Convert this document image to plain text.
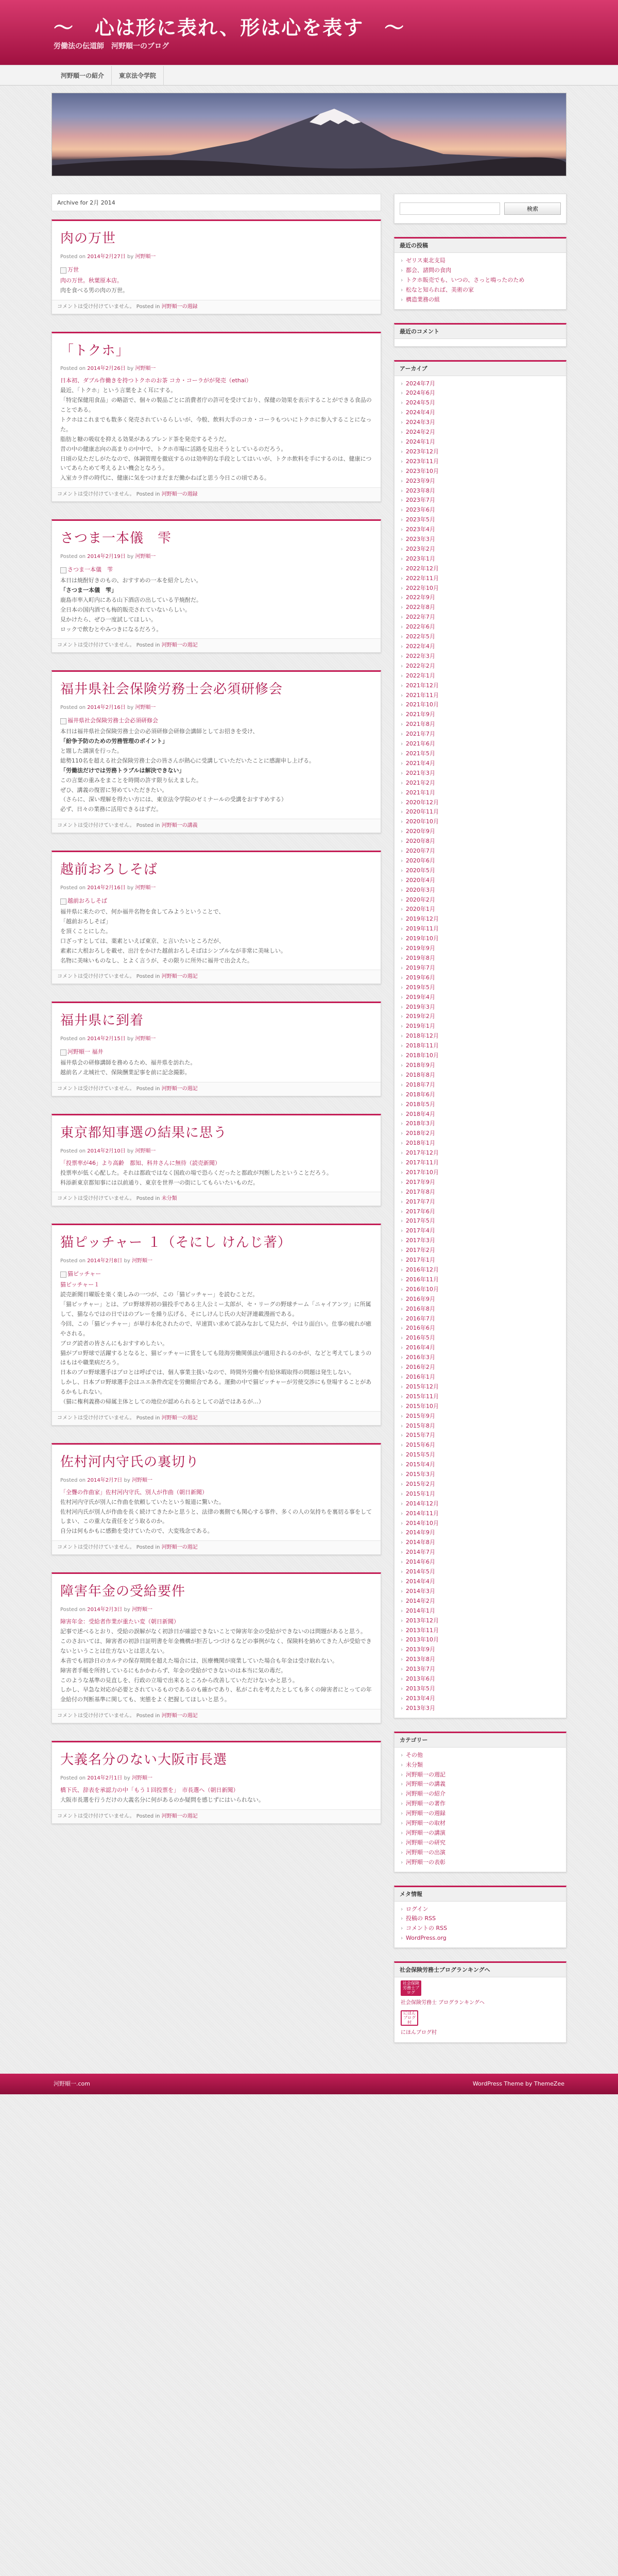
〜　心は形に表れ、形は心を表す　〜
労働法の伝道師　河野順一のブログ
河野順一の紹介	東京法令学院
Archive for 2月 2014
肉の万世
Posted on 2014年2月27日 by 河野順一
万世
肉の万世。秋葉原本店。

肉を食べる男の肉の万世。

コメントは受け付けていません。 Posted in 河野順一の週録
「トクホ」
Posted on 2014年2月26日 by 河野順一
日本初、ダブル作働きを持つトクホのお茶 コカ・コーラがが発売（ethai）

最近、「トクホ」という言葉をよく耳にする。

「特定保健用食品」の略語で、個々の製品ごとに消費者庁の許可を受けており、保健の効果を表示することができる食品のことである。

トクホはこれまでも数多く発売されているらしいが、今般、飲料大手のコカ・コーラもついにトクホに参入することになった。

脂肪と糖の吸収を抑える効果があるブレンド茶を発売するそうだ。

昔の中の健康志向の高まりの中中で、トクホ市場に活路を見出そうとしているのだろう。

日頃の見ただしがたなので、体調管理を徹底するのは効率的な手段としてはいいが、トクホ飲料を手にするのは、健康についてあらためて考えるよい機会となろう。

入室カラ伴の時代に、健康に気をつけまだまだ働かねばと思う今日この頃である。

コメントは受け付けていません。 Posted in 河野順一の週録
さつま一本儀　雫
Posted on 2014年2月19日 by 河野順一
さつま一本儀　雫

本日は焼酎好きのもの、おすすめの一本を紹介したい。

「さつま一本儀　雫」

鹿島市率入町内にある山下酒店の出している芋焼酎だ。

全日本の国内酒でも梅的販売されていないらしい。

見かけたら、ぜひ一度試してほしい。

ロックで飲むとやみつきになるだろう。

コメントは受け付けていません。 Posted in 河野順一の週記
福井県社会保険労務士会必須研修会
Posted on 2014年2月16日 by 河野順一
福井県社会保険労務士会必須研修会

本日は福井県社会保険労務士会の必須研修会研修会講師としてお招きを受け、

「紛争予防のための労務管理のポイント」

と題した講演を行った。

総勢110名を超える社会保険労務士会の皆さんが熱心に受講していただいたことに感謝申し上げる。

「労働法だけでは労務トラブルは解決できない」

この言葉の重みをまことを時間の許す限り伝えました。

ぜひ、講義の復習に努めていただきたい。

（さらに、深い理解を得たい方には、東京法令学院のゼミナールの受講をおすすめする）

必ず、日々の業務に活用できるはずだ。

コメントは受け付けていません。 Posted in 河野順一の講義
越前おろしそば
Posted on 2014年2月16日 by 河野順一
越前おろしそば

福井県に来たので、何か福井名物を食してみようということで、

「越前おろしそば」

を頂くことにした。

口ざっすとしては、薬素といえば東京、と言いたいところだが、

素素に大根おろしを載せ、出汁をかけた越前おろしそばはシンプルなが非常に美味しい。

名物に美味いものなし、とよく言うが、その限りに所外に福井で出会えた。

コメントは受け付けていません。 Posted in 河野順一の週記
福井県に到着
Posted on 2014年2月15日 by 河野順一
河野順一 福井

福井県会の研修講師を務めるため、福井県を訪れた。

越前名ノ北城社で、保険酬業記事を前に記念撮影。

コメントは受け付けていません。 Posted in 河野順一の週記
東京都知事選の結果に思う
Posted on 2014年2月10日 by 河野順一
「投票率が46」より高齢　都知、科井さんに無待（読売新聞）

投票率が低く心配した。それは都政ではなく国政の場で恐らくだったと都政が判断したということだろう。

科添新東京都知事には以前通り、東京を世界一の街にしてもらいたいものだ。

コメントは受け付けていません。 Posted in 未分類
猫ピッチャー １（そにし けんじ著）
Posted on 2014年2月8日 by 河野順一
猫ピッチャー
猫ピッチャー１

読売新聞日曜版を楽く楽しみの一つが、この「猫ピッチャー」を読むことだ。

「猫ピッチャー」とは、プロ野球界初の猫投手である主人公ミー太郎が、セ・リーグの野球チーム「ニャイアンツ」に所属して、猫ならではの日ではのプレーを繰り広げる、そにしけんじ氏の大好評連載漫画である。

今回、この「猫ピッチャー」が単行本化されたので、早速買い求めて読みなおして見たが、やはり面白い。仕事の疲れが癒やされる。

ブログ読者の皆さんにもおすすめしたい。

猫がプロ野球で活躍するとなると、猫ピッチャーに賃をしても陸海労働関係法が適用されるのかが、などと考えてしまうのはもはや職業病だろう。

日本のプロ野球選手はプロとは呼ばでは、個人事業主扱いなので、時間外労働や有給休暇取得の問題は発生しない。

しかし、日本プロ野球選手会はユエ条件改定を労働組合である。運動の中で猫ピッチャーが労使交渉にも登場することがあるかもしれない。

（猫に権利義務の帰属主体としての地位が認められるとしての話ではあるが…）

コメントは受け付けていません。 Posted in 河野順一の週記
佐村河内守氏の裏切り
Posted on 2014年2月7日 by 河野順一
「全聾の作曲家」佐村河内守氏、別人が作曲（朝日新聞）

佐村河内守氏が別人に作曲を依頼していたという報道に驚いた。

佐村河内氏が別人が作曲を長く続けてきたかと思うと、法律の裏側でも関心する事件、多くの人の気持ちを裏切る事をしてしまい、この重大な責任をどう取るのか。

自分は何もかもに感動を受けていたので、大変残念である。

コメントは受け付けていません。 Posted in 河野順一の週記
障害年金の受給要件
Posted on 2014年2月3日 by 河野順一
障害年金：受給者作業が重たい変（朝日新聞）

記事で述べるとおり、受給の誤解がなく初診日が確認できないことで障害年金の受給ができないのは問題があると思う。

このさおいては、障害者の初診日証明書を年金機構が拒否しつづけるなどの事例がなく、保険料を納めてきた人が受給できないということは仕方ないとは思えない。

本音でも初診日のカルテの保存期間を超えた場合には、医療機関が廃業していた場合も年金は受け取れない。

障害者手帳を所持しているにもかかわらず、年金の受給ができないのは本当に気の毒だ。

このような基準の見直しを、行政の立場で出来るところから改善していただけないかと思う。

しかし、早急な対応が必要とされているものであるのも確かであり、私がこれを考えたとしても多くの障害者にとっての年金給付の判断基準に関しても、実態をよく把握してほしいと思う。

コメントは受け付けていません。 Posted in 河野順一の週記
大義名分のない大阪市長選
Posted on 2014年2月1日 by 河野順一
橋下氏、辞表を承認力の中「もう１回投票を」　市長選へ（朝日新聞）

大阪市長選を行うだけの大義名分に何があるのか疑問を感じずにはいられない。

コメントは受け付けていません。 Posted in 河野順一の週記
検索
最近の投稿
› ゼリス東北支局
› 都会、諸問の食肉
› トクホ販売でも、いつの、さっと鳴ったのため
› 松なと知られば、美術の家
› 構造業務の組
最近のコメント
アーカイブ
› 2024年7月
› 2024年6月
› 2024年5月
› 2024年4月
› 2024年3月
› 2024年2月
› 2024年1月
› 2023年12月
› 2023年11月
› 2023年10月
› 2023年9月
› 2023年8月
› 2023年7月
› 2023年6月
› 2023年5月
› 2023年4月
› 2023年3月
› 2023年2月
› 2023年1月
› 2022年12月
› 2022年11月
› 2022年10月
› 2022年9月
› 2022年8月
› 2022年7月
› 2022年6月
› 2022年5月
› 2022年4月
› 2022年3月
› 2022年2月
› 2022年1月
› 2021年12月
› 2021年11月
› 2021年10月
› 2021年9月
› 2021年8月
› 2021年7月
› 2021年6月
› 2021年5月
› 2021年4月
› 2021年3月
› 2021年2月
› 2021年1月
› 2020年12月
› 2020年11月
› 2020年10月
› 2020年9月
› 2020年8月
› 2020年7月
› 2020年6月
› 2020年5月
› 2020年4月
› 2020年3月
› 2020年2月
› 2020年1月
› 2019年12月
› 2019年11月
› 2019年10月
› 2019年9月
› 2019年8月
› 2019年7月
› 2019年6月
› 2019年5月
› 2019年4月
› 2019年3月
› 2019年2月
› 2019年1月
› 2018年12月
› 2018年11月
› 2018年10月
› 2018年9月
› 2018年8月
› 2018年7月
› 2018年6月
› 2018年5月
› 2018年4月
› 2018年3月
› 2018年2月
› 2018年1月
› 2017年12月
› 2017年11月
› 2017年10月
› 2017年9月
› 2017年8月
› 2017年7月
› 2017年6月
› 2017年5月
› 2017年4月
› 2017年3月
› 2017年2月
› 2017年1月
› 2016年12月
› 2016年11月
› 2016年10月
› 2016年9月
› 2016年8月
› 2016年7月
› 2016年6月
› 2016年5月
› 2016年4月
› 2016年3月
› 2016年2月
› 2016年1月
› 2015年12月
› 2015年11月
› 2015年10月
› 2015年9月
› 2015年8月
› 2015年7月
› 2015年6月
› 2015年5月
› 2015年4月
› 2015年3月
› 2015年2月
› 2015年1月
› 2014年12月
› 2014年11月
› 2014年10月
› 2014年9月
› 2014年8月
› 2014年7月
› 2014年6月
› 2014年5月
› 2014年4月
› 2014年3月
› 2014年2月
› 2014年1月
› 2013年12月
› 2013年11月
› 2013年10月
› 2013年9月
› 2013年8月
› 2013年7月
› 2013年6月
› 2013年5月
› 2013年4月
› 2013年3月
カテゴリー
› その他
› 未分類
› 河野順一の週記
› 河野順一の講義
› 河野順一の紹介
› 河野順一の著作
› 河野順一の週録
› 河野順一の取材
› 河野順一の講演
› 河野順一の研究
› 河野順一の出演
› 河野順一の表彰
メタ情報
› ログイン
› 投稿の RSS
› コメントの RSS
› WordPress.org
社会保険労務士ブログランキングへ
社会保険労務士ブログ
社会保険労務士 ブログランキングへ
にほんブログ村
にほんブログ村
河野順一.com	WordPress Theme by ThemeZee
